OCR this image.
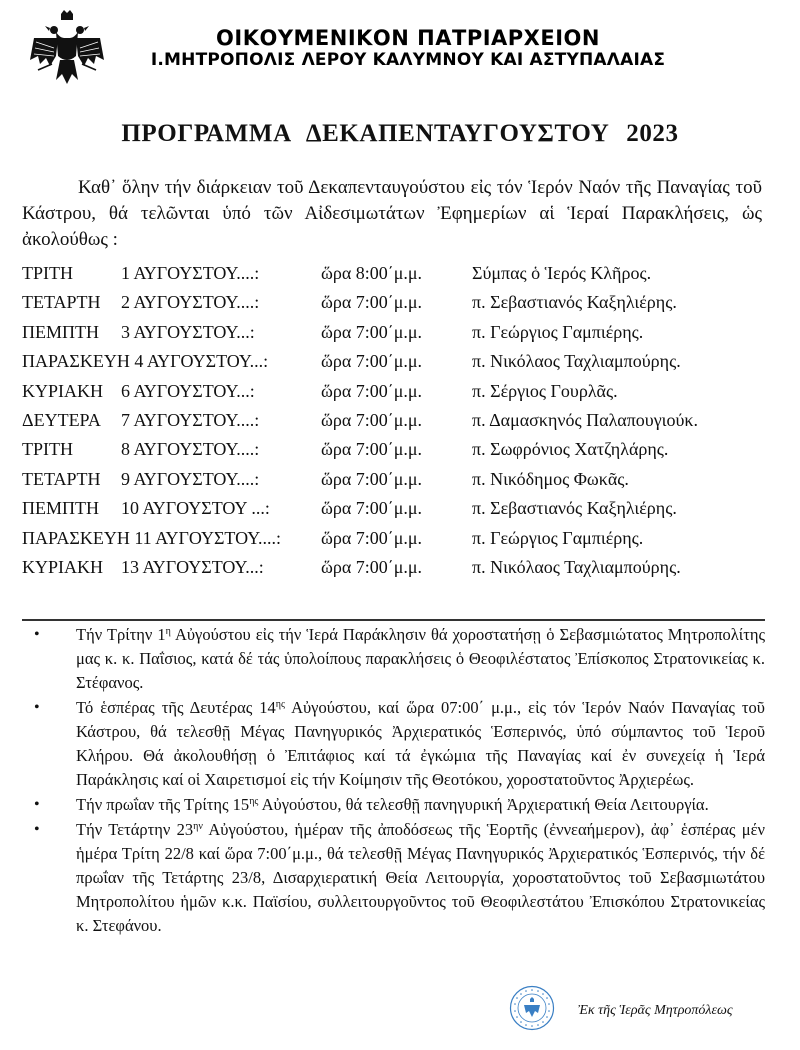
ΟΙΚΟΥΜΕΝΙΚΟΝ ΠΑΤΡΙΑΡΧΕΙΟΝ
Ι.ΜΗΤΡΟΠΟΛΙΣ ΛΕΡΟΥ ΚΑΛΥΜΝΟΥ ΚΑΙ ΑΣΤΥΠΑΛΑΙΑΣ
ΠΡΟΓΡΑΜΜΑ ΔΕΚΑΠΕΝΤΑΥΓΟΥΣΤΟΥ 2023
Καθ᾽ ὅλην τήν διάρκειαν τοῦ Δεκαπενταυγούστου εἰς τόν Ἱερόν Ναόν τῆς Παναγίας τοῦ Κάστρου, θά τελῶνται ὑπό τῶν Αἰδεσιμωτάτων Ἐφημερίων αἱ Ἱεραί Παρακλήσεις, ὡς ἀκολούθως :
ΤΡΙΤΗ	1 ΑΥΓΟΥΣΤΟΥ....:	ὥρα 8:00΄μ.μ.	Σύμπας ὁ Ἱερός Κλῆρος.
ΤΕΤΑΡΤΗ 2 ΑΥΓΟΥΣΤΟΥ....:	ὥρα 7:00΄μ.μ.	π. Σεβαστιανός Καξηλιέρης.
ΠΕΜΠΤΗ 3 ΑΥΓΟΥΣΤΟΥ...:	ὥρα 7:00΄μ.μ.	π. Γεώργιος Γαμπιέρης.
ΠΑΡΑΣΚΕΥΗ 4 ΑΥΓΟΥΣΤΟΥ...:	ὥρα 7:00΄μ.μ.	π. Νικόλαος Ταχλιαμπούρης.
ΚΥΡΙΑΚΗ 6 ΑΥΓΟΥΣΤΟΥ...:	ὥρα 7:00΄μ.μ.	π. Σέργιος Γουρλᾶς.
ΔΕΥΤΕΡΑ 7 ΑΥΓΟΥΣΤΟΥ....:	ὥρα 7:00΄μ.μ.	π. Δαμασκηνός Παλαπουγιούκ.
ΤΡΙΤΗ	8 ΑΥΓΟΥΣΤΟΥ....:	ὥρα 7:00΄μ.μ.	π. Σωφρόνιος Χατζηλάρης.
ΤΕΤΑΡΤΗ 9 ΑΥΓΟΥΣΤΟΥ....:	ὥρα 7:00΄μ.μ.	π. Νικόδημος Φωκᾶς.
ΠΕΜΠΤΗ 10 ΑΥΓΟΥΣΤΟΥ ...:	ὥρα 7:00΄μ.μ.	π. Σεβαστιανός Καξηλιέρης.
ΠΑΡΑΣΚΕΥΗ 11 ΑΥΓΟΥΣΤΟΥ....: ὥρα 7:00΄μ.μ.	π. Γεώργιος Γαμπιέρης.
ΚΥΡΙΑΚΗ 13 ΑΥΓΟΥΣΤΟΥ...:	ὥρα 7:00΄μ.μ.	π. Νικόλαος Ταχλιαμπούρης.
• Τήν Τρίτην $1^\eta$ Αὐγούστου εἰς τήν Ἱερά Παράκλησιν θά χοροστατήσῃ ὁ Σεβασμιώτατος Μητροπολίτης μας κ. κ. Παΐσιος, κατά δέ τάς ὑπολοίπους παρακλήσεις ὁ Θεοφιλέστατος Ἐπίσκοπος Στρατονικείας κ. Στέφανος.
• Τό ἑσπέρας τῆς Δευτέρας $14^{\eta\varsigma}$ Αὐγούστου, καί ὥρα 07:00΄ μ.μ., εἰς τόν Ἱερόν Ναόν Παναγίας τοῦ Κάστρου, θά τελεσθῇ Μέγας Πανηγυρικός Ἀρχιερατικός Ἑσπερινός, ὑπό σύμπαντος τοῦ Ἱεροῦ Κλήρου. Θά ἀκολουθήσῃ ὁ Ἐπιτάφιος καί τά ἐγκώμια τῆς Παναγίας καί ἐν συνεχείᾳ ἡ Ἱερά Παράκλησις καί οἱ Χαιρετισμοί εἰς τήν Κοίμησιν τῆς Θεοτόκου, χοροστατοῦντος Ἀρχιερέως.
• Τήν πρωΐαν τῆς Τρίτης $15^{\eta\varsigma}$ Αὐγούστου, θά τελεσθῇ πανηγυρική Ἀρχιερατική Θεία Λειτουργία.
• Τήν Τετάρτην $23^{\eta\nu}$ Αὐγούστου, ἡμέραν τῆς ἀποδόσεως τῆς Ἑορτῆς (ἐννεαήμερον), ἀφ᾽ ἑσπέρας μέν ἡμέρα Τρίτη 22/8 καί ὥρα 7:00΄μ.μ., θά τελεσθῇ Μέγας Πανηγυρικός Ἀρχιερατικός Ἑσπερινός, τήν δέ πρωΐαν τῆς Τετάρτης 23/8, Δισαρχιερατική Θεία Λειτουργία, χοροστατοῦντος τοῦ Σεβασμιωτάτου Μητροπολίτου ἡμῶν κ.κ. Παϊσίου, συλλειτουργοῦντος τοῦ Θεοφιλεστάτου Ἐπισκόπου Στρατονικείας κ. Στεφάνου.
Ἐκ τῆς Ἱερᾶς Μητροπόλεως
